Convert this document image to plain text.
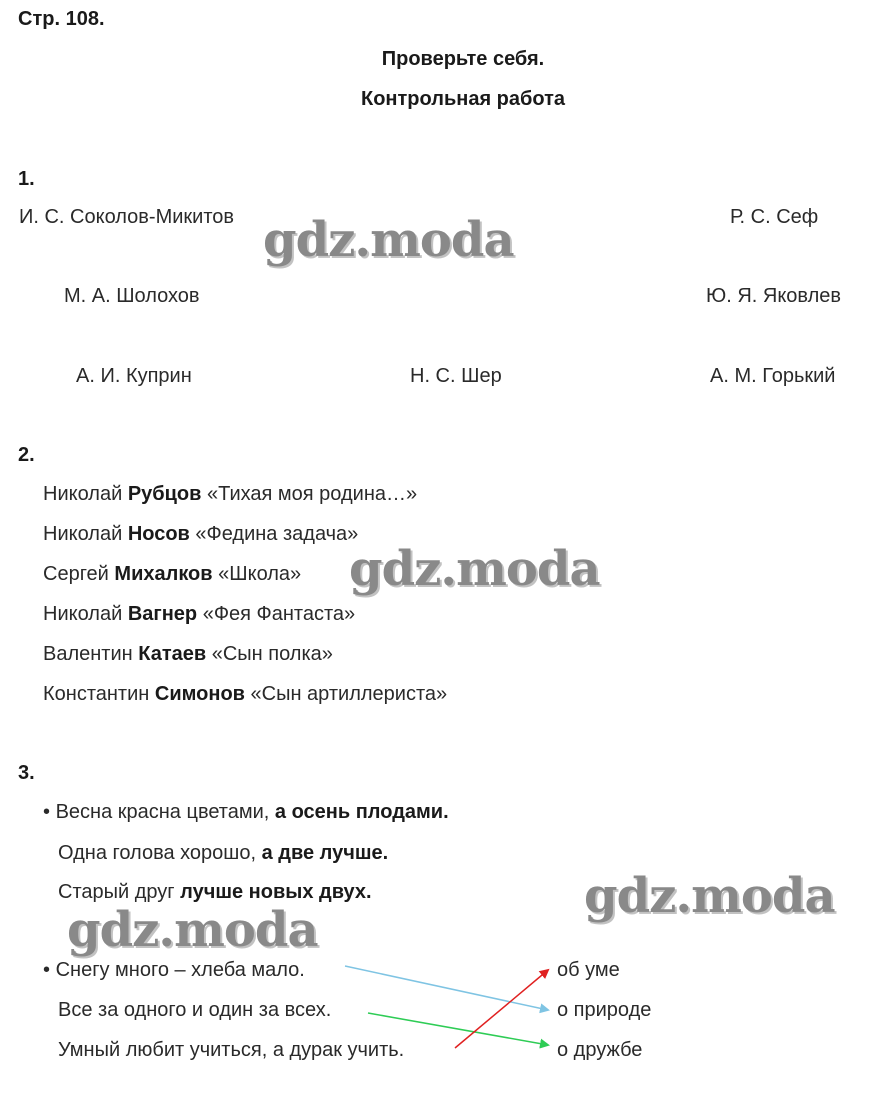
Стр. 108.
Проверьте себя.
Контрольная работа
1.
И. С. Соколов-Микитов	Р. С. Сеф
М. А. Шолохов	Ю. Я. Яковлев
А. И. Куприн	Н. С. Шер	А. М. Горький
2.
Николай Рубцов «Тихая моя родина…»
Николай Носов «Федина задача»
Сергей Михалков «Школа»
Николай Вагнер «Фея Фантаста»
Валентин Катаев «Сын полка»
Константин Симонов «Сын артиллериста»
3.
• Весна красна цветами, а осень плодами.
Одна голова хорошо, а две лучше.
Старый друг лучше новых двух.
• Снегу много – хлеба мало.
Все за одного и один за всех.
Умный любит учиться, а дурак учить.
об уме
о природе
о дружбе
gdz.moda
gdz.moda
gdz.moda
gdz.moda
